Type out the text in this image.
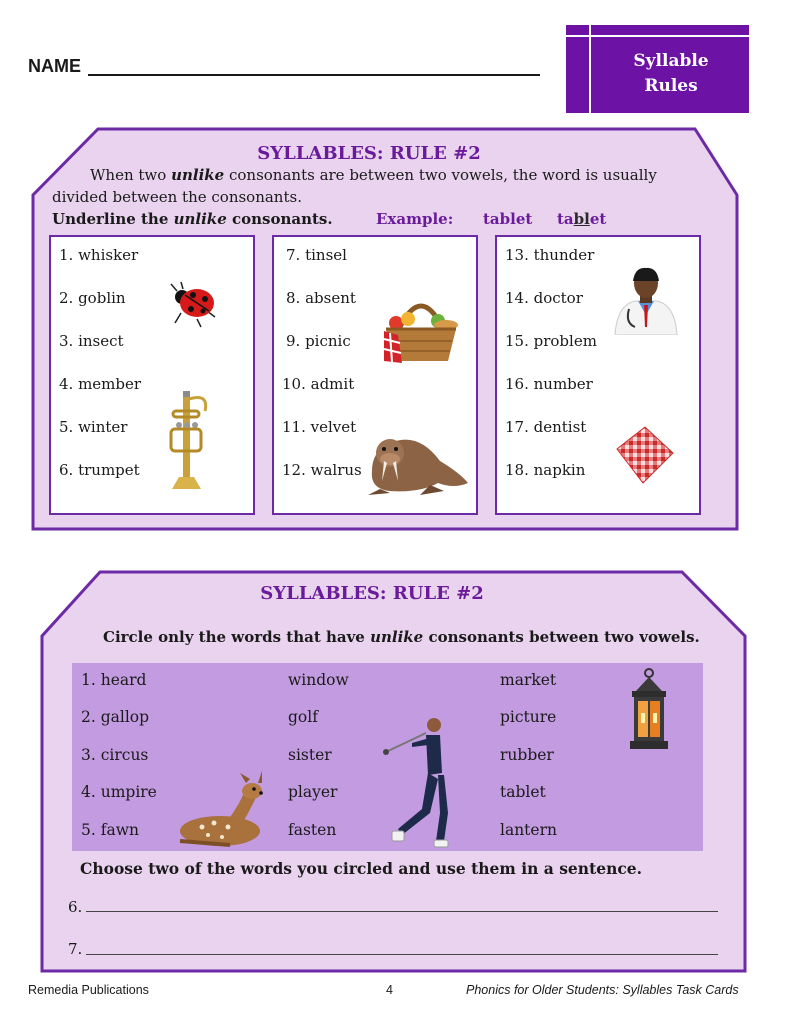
NAME	Syllable
Rules
SYLLABLES: RULE #2
When two unlike consonants are between two vowels, the word is usually
divided between the consonants.
Underline the unlike consonants.	Example: tablet tablet
1. whisker
2. goblin
3. insect
4. member
5. winter
6. trumpet
7. tinsel
8. absent
9. picnic
10. admit
11. velvet
12. walrus
13. thunder
14. doctor
15. problem
16. number
17. dentist
18. napkin
SYLLABLES: RULE #2
Circle only the words that have unlike consonants between two vowels.
1. heard	window	market
2. gallop	golf	picture
3. circus	sister	rubber
4. umpire	player	tablet
5. fawn	fasten	lantern
Choose two of the words you circled and use them in a sentence.
6.
7.
Remedia Publications	4	Phonics for Older Students: Syllables Task Cards
